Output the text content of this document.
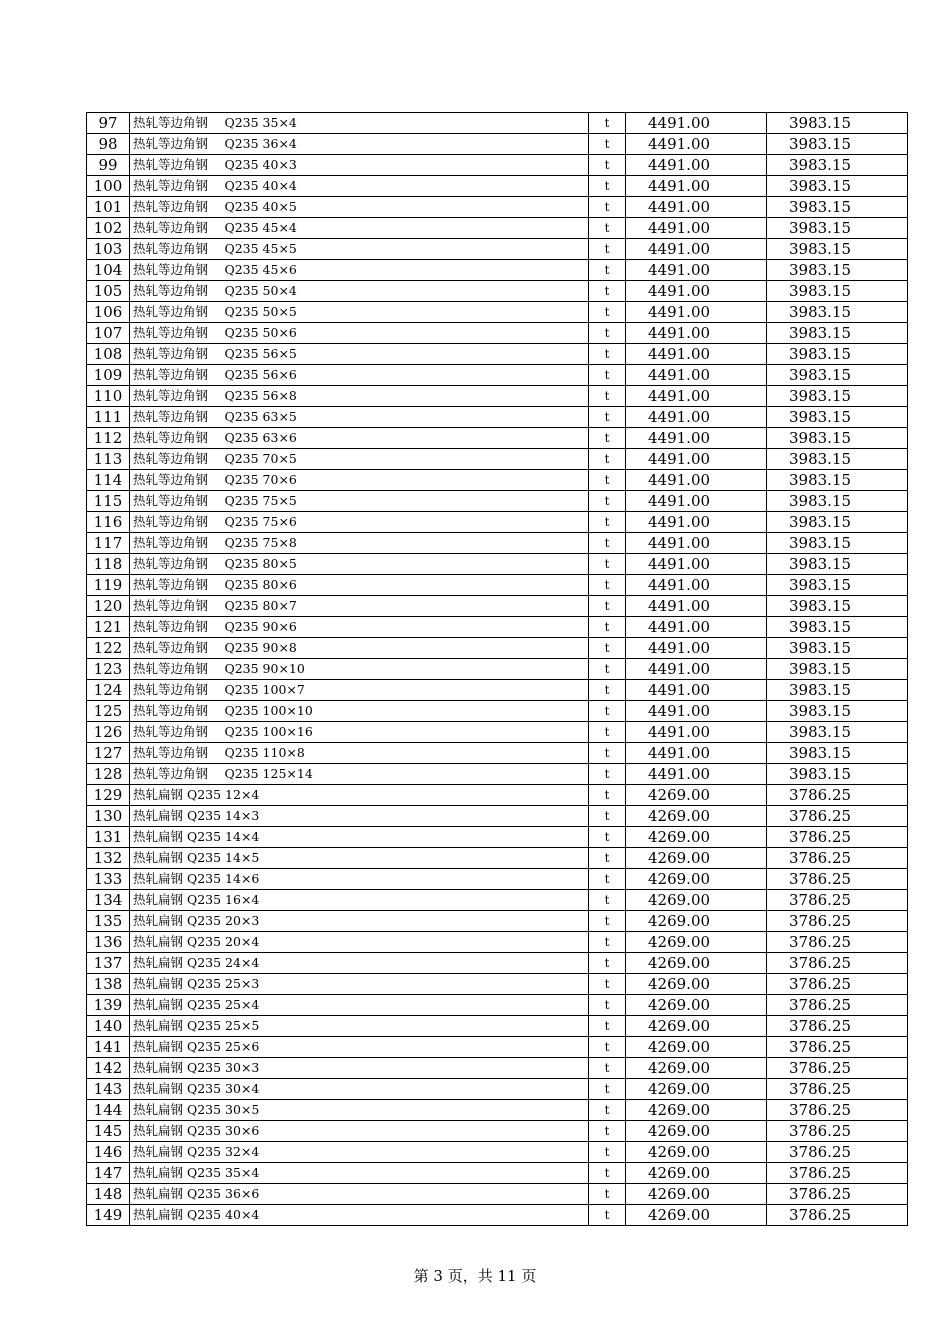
97	热轧等边角钢　 Q235 35×4	t	4491.00	3983.15
98	热轧等边角钢　 Q235 36×4	t	4491.00	3983.15
99	热轧等边角钢　 Q235 40×3	t	4491.00	3983.15
100	热轧等边角钢　 Q235 40×4	t	4491.00	3983.15
101	热轧等边角钢　 Q235 40×5	t	4491.00	3983.15
102	热轧等边角钢　 Q235 45×4	t	4491.00	3983.15
103	热轧等边角钢　 Q235 45×5	t	4491.00	3983.15
104	热轧等边角钢　 Q235 45×6	t	4491.00	3983.15
105	热轧等边角钢　 Q235 50×4	t	4491.00	3983.15
106	热轧等边角钢　 Q235 50×5	t	4491.00	3983.15
107	热轧等边角钢　 Q235 50×6	t	4491.00	3983.15
108	热轧等边角钢　 Q235 56×5	t	4491.00	3983.15
109	热轧等边角钢　 Q235 56×6	t	4491.00	3983.15
110	热轧等边角钢　 Q235 56×8	t	4491.00	3983.15
111	热轧等边角钢　 Q235 63×5	t	4491.00	3983.15
112	热轧等边角钢　 Q235 63×6	t	4491.00	3983.15
113	热轧等边角钢　 Q235 70×5	t	4491.00	3983.15
114	热轧等边角钢　 Q235 70×6	t	4491.00	3983.15
115	热轧等边角钢　 Q235 75×5	t	4491.00	3983.15
116	热轧等边角钢　 Q235 75×6	t	4491.00	3983.15
117	热轧等边角钢　 Q235 75×8	t	4491.00	3983.15
118	热轧等边角钢　 Q235 80×5	t	4491.00	3983.15
119	热轧等边角钢　 Q235 80×6	t	4491.00	3983.15
120	热轧等边角钢　 Q235 80×7	t	4491.00	3983.15
121	热轧等边角钢　 Q235 90×6	t	4491.00	3983.15
122	热轧等边角钢　 Q235 90×8	t	4491.00	3983.15
123	热轧等边角钢　 Q235 90×10	t	4491.00	3983.15
124	热轧等边角钢　 Q235 100×7	t	4491.00	3983.15
125	热轧等边角钢　 Q235 100×10	t	4491.00	3983.15
126	热轧等边角钢　 Q235 100×16	t	4491.00	3983.15
127	热轧等边角钢　 Q235 110×8	t	4491.00	3983.15
128	热轧等边角钢　 Q235 125×14	t	4491.00	3983.15
129	热轧扁钢 Q235 12×4	t	4269.00	3786.25
130	热轧扁钢 Q235 14×3	t	4269.00	3786.25
131	热轧扁钢 Q235 14×4	t	4269.00	3786.25
132	热轧扁钢 Q235 14×5	t	4269.00	3786.25
133	热轧扁钢 Q235 14×6	t	4269.00	3786.25
134	热轧扁钢 Q235 16×4	t	4269.00	3786.25
135	热轧扁钢 Q235 20×3	t	4269.00	3786.25
136	热轧扁钢 Q235 20×4	t	4269.00	3786.25
137	热轧扁钢 Q235 24×4	t	4269.00	3786.25
138	热轧扁钢 Q235 25×3	t	4269.00	3786.25
139	热轧扁钢 Q235 25×4	t	4269.00	3786.25
140	热轧扁钢 Q235 25×5	t	4269.00	3786.25
141	热轧扁钢 Q235 25×6	t	4269.00	3786.25
142	热轧扁钢 Q235 30×3	t	4269.00	3786.25
143	热轧扁钢 Q235 30×4	t	4269.00	3786.25
144	热轧扁钢 Q235 30×5	t	4269.00	3786.25
145	热轧扁钢 Q235 30×6	t	4269.00	3786.25
146	热轧扁钢 Q235 32×4	t	4269.00	3786.25
147	热轧扁钢 Q235 35×4	t	4269.00	3786.25
148	热轧扁钢 Q235 36×6	t	4269.00	3786.25
149	热轧扁钢 Q235 40×4	t	4269.00	3786.25
第 3 页，共 11 页
